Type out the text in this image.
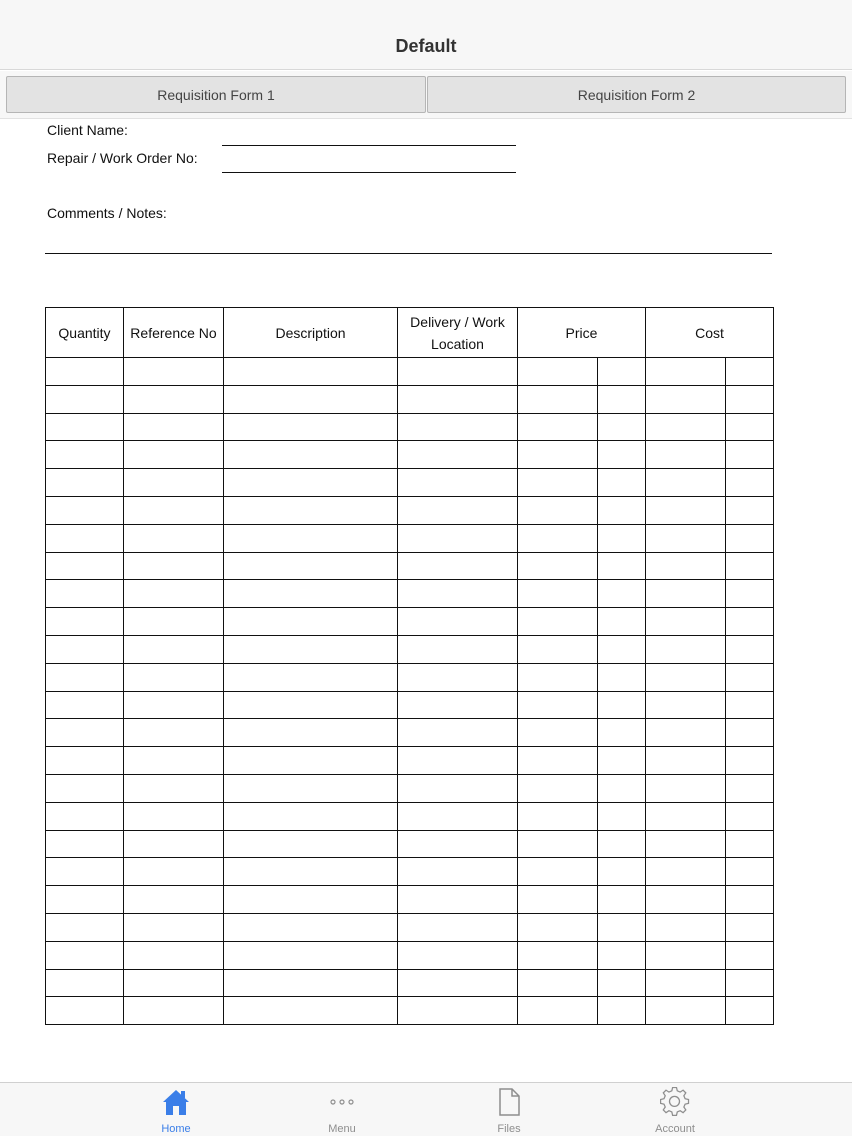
Default
Requisition Form 1	Requisition Form 2
Client Name:
Repair / Work Order No:
Comments / Notes:
Quantity	Reference No	Description	Delivery / Work Location	Price		Cost	

Home	Menu	Files	Account
